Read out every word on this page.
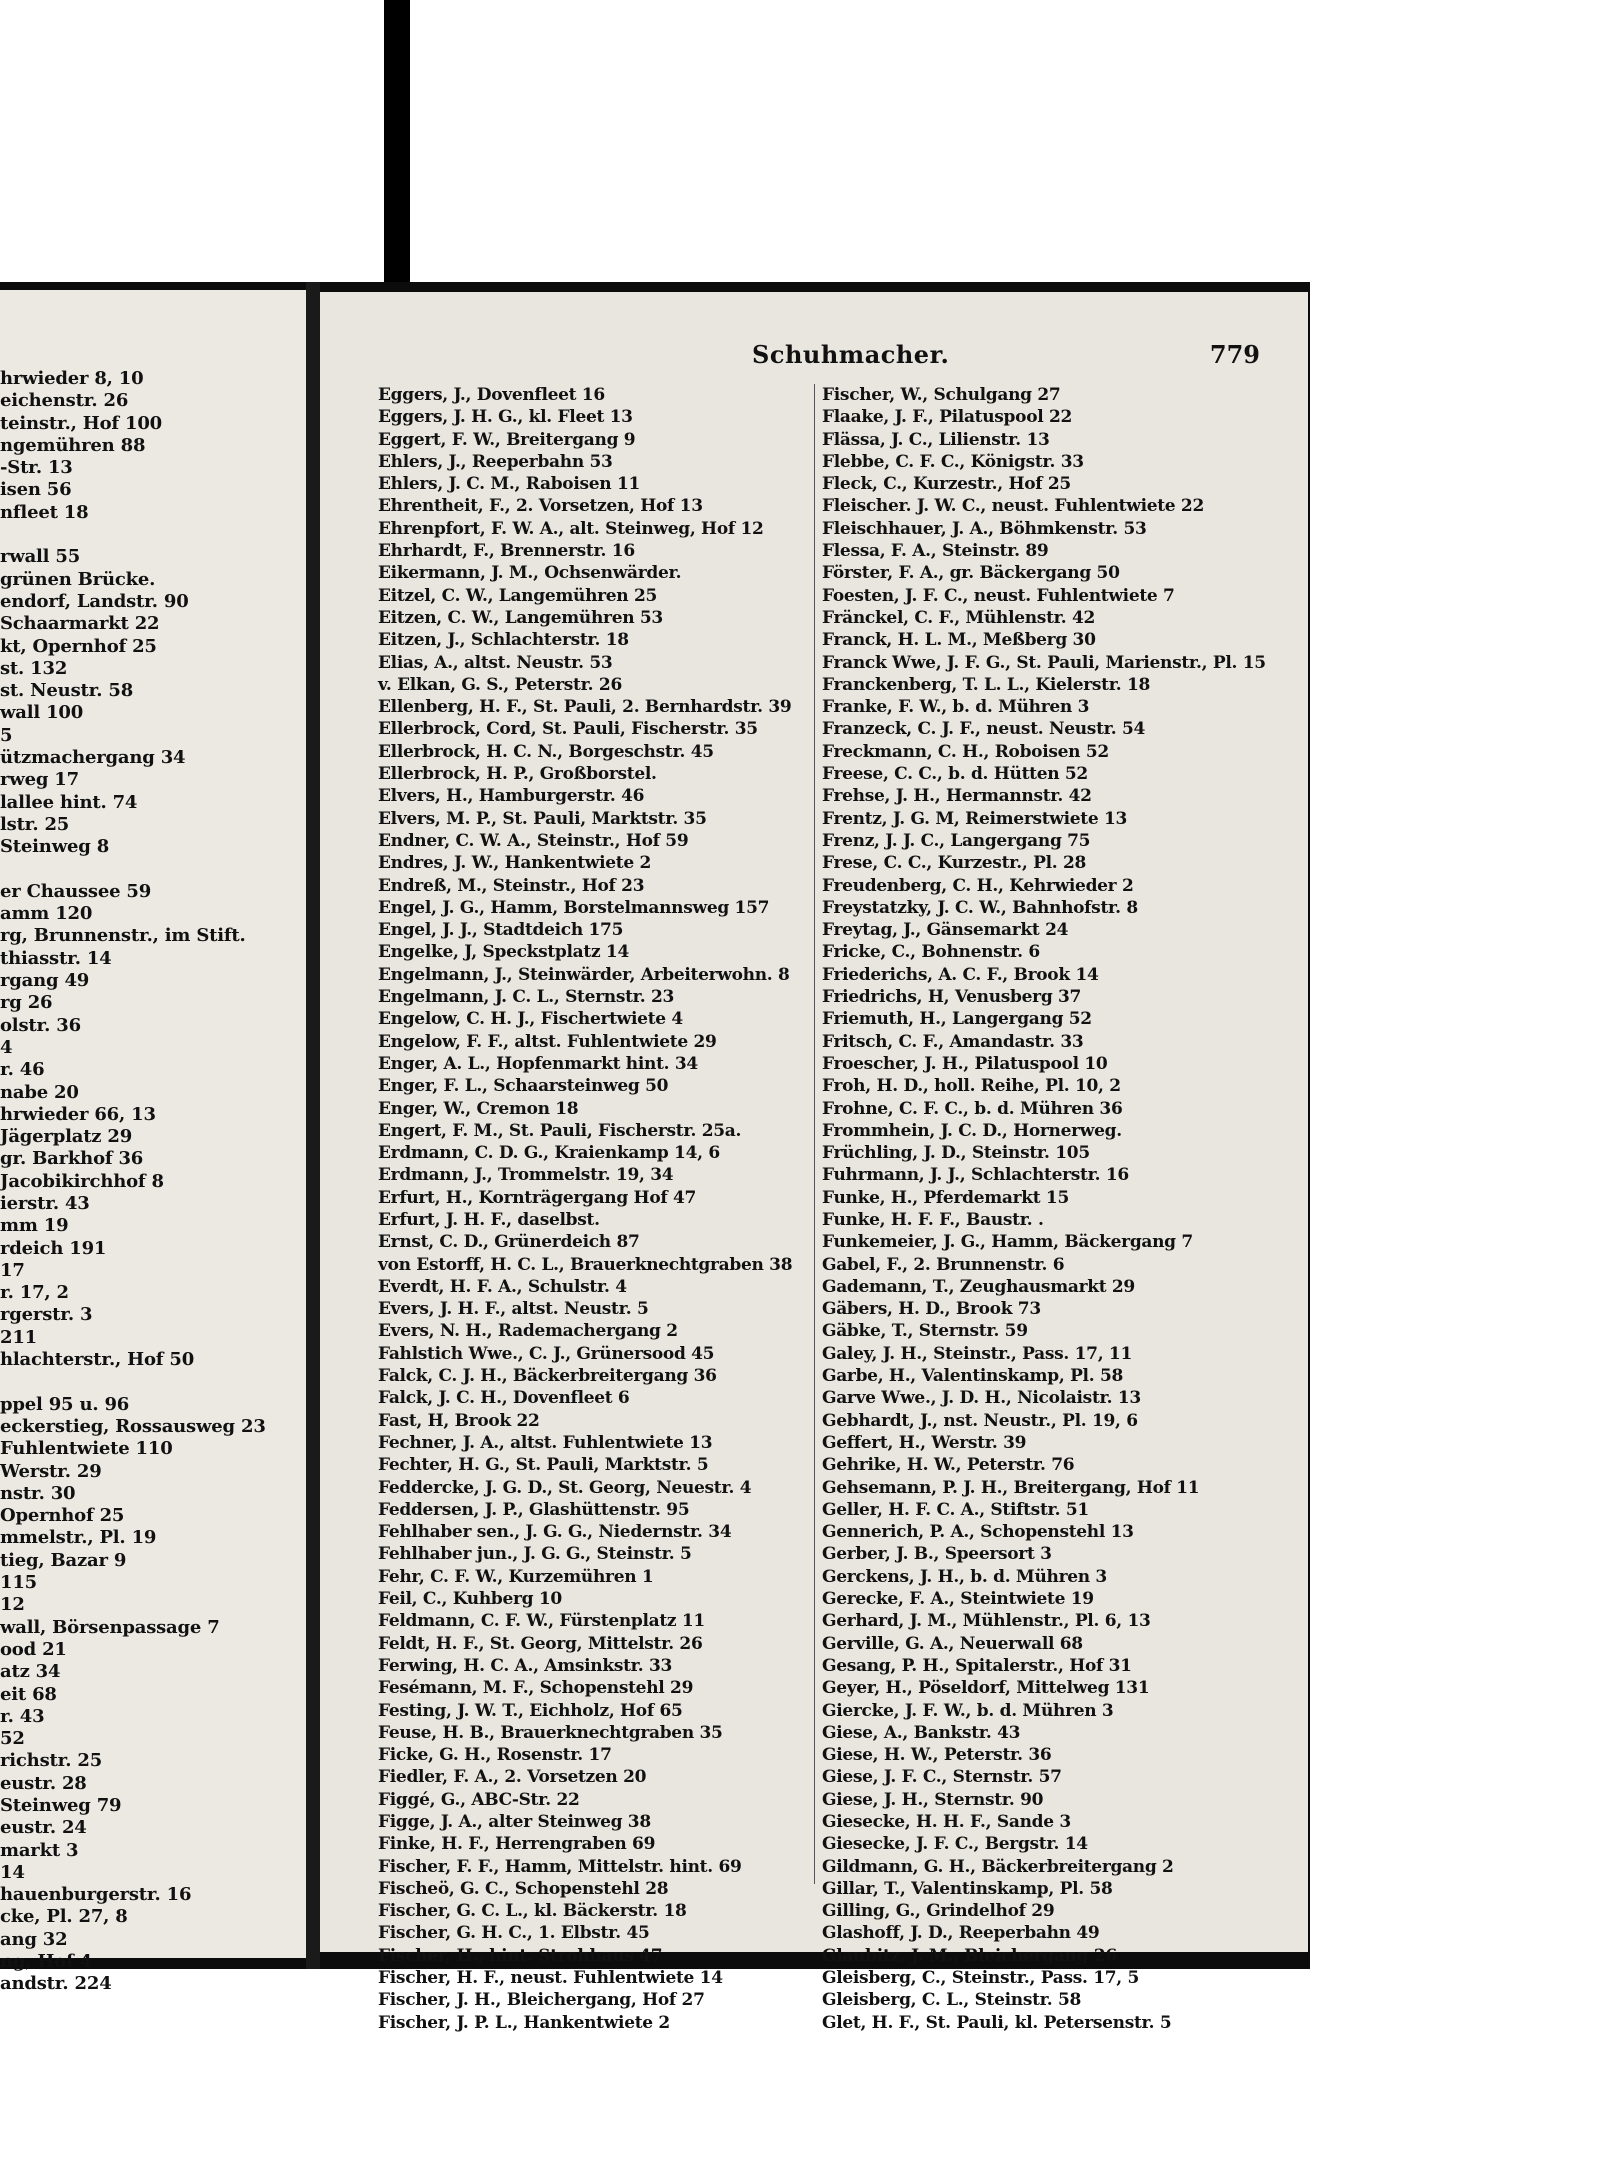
hrwieder 8, 10
eichenstr. 26
teinstr., Hof 100
ngemühren 88
-Str. 13
isen 56
nfleet 18
rwall 55
grünen Brücke.
endorf, Landstr. 90
Schaarmarkt 22
kt, Opernhof 25
st. 132
st. Neustr. 58
wall 100
5
ützmachergang 34
rweg 17
lallee hint. 74
lstr. 25
Steinweg 8
er Chaussee 59
amm 120
rg, Brunnenstr., im Stift.
thiasstr. 14
rgang 49
rg 26
olstr. 36
4
r. 46
nabe 20
hrwieder 66, 13
Jägerplatz 29
gr. Barkhof 36
Jacobikirchhof 8
ierstr. 43
mm 19
rdeich 191
17
r. 17, 2
rgerstr. 3
211
hlachterstr., Hof 50
ppel 95 u. 96
eckerstieg, Rossausweg 23
Fuhlentwiete 110
Werstr. 29
nstr. 30
Opernhof 25
mmelstr., Pl. 19
tieg, Bazar 9
115
12
wall, Börsenpassage 7
ood 21
atz 34
eit 68
r. 43
52
richstr. 25
eustr. 28
Steinweg 79
eustr. 24
markt 3
14
hauenburgerstr. 16
cke, Pl. 27, 8
ang 32
ng, Hof 4
andstr. 224
Schuhmacher.	779
Eggers, J., Dovenfleet 16
Eggers, J. H. G., kl. Fleet 13
Eggert, F. W., Breitergang 9
Ehlers, J., Reeperbahn 53
Ehlers, J. C. M., Raboisen 11
Ehrentheit, F., 2. Vorsetzen, Hof 13
Ehrenpfort, F. W. A., alt. Steinweg, Hof 12
Ehrhardt, F., Brennerstr. 16
Eikermann, J. M., Ochsenwärder.
Eitzel, C. W., Langemühren 25
Eitzen, C. W., Langemühren 53
Eitzen, J., Schlachterstr. 18
Elias, A., altst. Neustr. 53
v. Elkan, G. S., Peterstr. 26
Ellenberg, H. F., St. Pauli, 2. Bernhardstr. 39
Ellerbrock, Cord, St. Pauli, Fischerstr. 35
Ellerbrock, H. C. N., Borgeschstr. 45
Ellerbrock, H. P., Großborstel.
Elvers, H., Hamburgerstr. 46
Elvers, M. P., St. Pauli, Marktstr. 35
Endner, C. W. A., Steinstr., Hof 59
Endres, J. W., Hankentwiete 2
Endreß, M., Steinstr., Hof 23
Engel, J. G., Hamm, Borstelmannsweg 157
Engel, J. J., Stadtdeich 175
Engelke, J, Speckstplatz 14
Engelmann, J., Steinwärder, Arbeiterwohn. 8
Engelmann, J. C. L., Sternstr. 23
Engelow, C. H. J., Fischertwiete 4
Engelow, F. F., altst. Fuhlentwiete 29
Enger, A. L., Hopfenmarkt hint. 34
Enger, F. L., Schaarsteinweg 50
Enger, W., Cremon 18
Engert, F. M., St. Pauli, Fischerstr. 25a.
Erdmann, C. D. G., Kraienkamp 14, 6
Erdmann, J., Trommelstr. 19, 34
Erfurt, H., Kornträgergang Hof 47
Erfurt, J. H. F., daselbst.
Ernst, C. D., Grünerdeich 87
von Estorff, H. C. L., Brauerknechtgraben 38
Everdt, H. F. A., Schulstr. 4
Evers, J. H. F., altst. Neustr. 5
Evers, N. H., Rademachergang 2
Fahlstich Wwe., C. J., Grünersood 45
Falck, C. J. H., Bäckerbreitergang 36
Falck, J. C. H., Dovenfleet 6
Fast, H, Brook 22
Fechner, J. A., altst. Fuhlentwiete 13
Fechter, H. G., St. Pauli, Marktstr. 5
Feddercke, J. G. D., St. Georg, Neuestr. 4
Feddersen, J. P., Glashüttenstr. 95
Fehlhaber sen., J. G. G., Niedernstr. 34
Fehlhaber jun., J. G. G., Steinstr. 5
Fehr, C. F. W., Kurzemühren 1
Feil, C., Kuhberg 10
Feldmann, C. F. W., Fürstenplatz 11
Feldt, H. F., St. Georg, Mittelstr. 26
Ferwing, H. C. A., Amsinkstr. 33
Fesémann, M. F., Schopenstehl 29
Festing, J. W. T., Eichholz, Hof 65
Feuse, H. B., Brauerknechtgraben 35
Ficke, G. H., Rosenstr. 17
Fiedler, F. A., 2. Vorsetzen 20
Figgé, G., ABC-Str. 22
Figge, J. A., alter Steinweg 38
Finke, H. F., Herrengraben 69
Fischer, F. F., Hamm, Mittelstr. hint. 69
Fischeö, G. C., Schopenstehl 28
Fischer, G. C. L., kl. Bäckerstr. 18
Fischer, G. H. C., 1. Elbstr. 45
Fischer, H., hint. Strohhaus 47
Fischer, H. F., neust. Fuhlentwiete 14
Fischer, J. H., Bleichergang, Hof 27
Fischer, J. P. L., Hankentwiete 2
Fischer, W., Schulgang 27
Flaake, J. F., Pilatuspool 22
Flässa, J. C., Lilienstr. 13
Flebbe, C. F. C., Königstr. 33
Fleck, C., Kurzestr., Hof 25
Fleischer. J. W. C., neust. Fuhlentwiete 22
Fleischhauer, J. A., Böhmkenstr. 53
Flessa, F. A., Steinstr. 89
Förster, F. A., gr. Bäckergang 50
Foesten, J. F. C., neust. Fuhlentwiete 7
Fränckel, C. F., Mühlenstr. 42
Franck, H. L. M., Meßberg 30
Franck Wwe, J. F. G., St. Pauli, Marienstr., Pl. 15
Franckenberg, T. L. L., Kielerstr. 18
Franke, F. W., b. d. Mühren 3
Franzeck, C. J. F., neust. Neustr. 54
Freckmann, C. H., Roboisen 52
Freese, C. C., b. d. Hütten 52
Frehse, J. H., Hermannstr. 42
Frentz, J. G. M, Reimerstwiete 13
Frenz, J. J. C., Langergang 75
Frese, C. C., Kurzestr., Pl. 28
Freudenberg, C. H., Kehrwieder 2
Freystatzky, J. C. W., Bahnhofstr. 8
Freytag, J., Gänsemarkt 24
Fricke, C., Bohnenstr. 6
Friederichs, A. C. F., Brook 14
Friedrichs, H, Venusberg 37
Friemuth, H., Langergang 52
Fritsch, C. F., Amandastr. 33
Froescher, J. H., Pilatuspool 10
Froh, H. D., holl. Reihe, Pl. 10, 2
Frohne, C. F. C., b. d. Mühren 36
Frommhein, J. C. D., Hornerweg.
Früchling, J. D., Steinstr. 105
Fuhrmann, J. J., Schlachterstr. 16
Funke, H., Pferdemarkt 15
Funke, H. F. F., Baustr. .
Funkemeier, J. G., Hamm, Bäckergang 7
Gabel, F., 2. Brunnenstr. 6
Gademann, T., Zeughausmarkt 29
Gäbers, H. D., Brook 73
Gäbke, T., Sternstr. 59
Galey, J. H., Steinstr., Pass. 17, 11
Garbe, H., Valentinskamp, Pl. 58
Garve Wwe., J. D. H., Nicolaistr. 13
Gebhardt, J., nst. Neustr., Pl. 19, 6
Geffert, H., Werstr. 39
Gehrike, H. W., Peterstr. 76
Gehsemann, P. J. H., Breitergang, Hof 11
Geller, H. F. C. A., Stiftstr. 51
Gennerich, P. A., Schopenstehl 13
Gerber, J. B., Speersort 3
Gerckens, J. H., b. d. Mühren 3
Gerecke, F. A., Steintwiete 19
Gerhard, J. M., Mühlenstr., Pl. 6, 13
Gerville, G. A., Neuerwall 68
Gesang, P. H., Spitalerstr., Hof 31
Geyer, H., Pöseldorf, Mittelweg 131
Giercke, J. F. W., b. d. Mühren 3
Giese, A., Bankstr. 43
Giese, H. W., Peterstr. 36
Giese, J. F. C., Sternstr. 57
Giese, J. H., Sternstr. 90
Giesecke, H. H. F., Sande 3
Giesecke, J. F. C., Bergstr. 14
Gildmann, G. H., Bäckerbreitergang 2
Gillar, T., Valentinskamp, Pl. 58
Gilling, G., Grindelhof 29
Glashoff, J. D., Reeperbahn 49
Glaubitz, J. M., Bleichergang 26
Gleisberg, C., Steinstr., Pass. 17, 5
Gleisberg, C. L., Steinstr. 58
Glet, H. F., St. Pauli, kl. Petersenstr. 5
